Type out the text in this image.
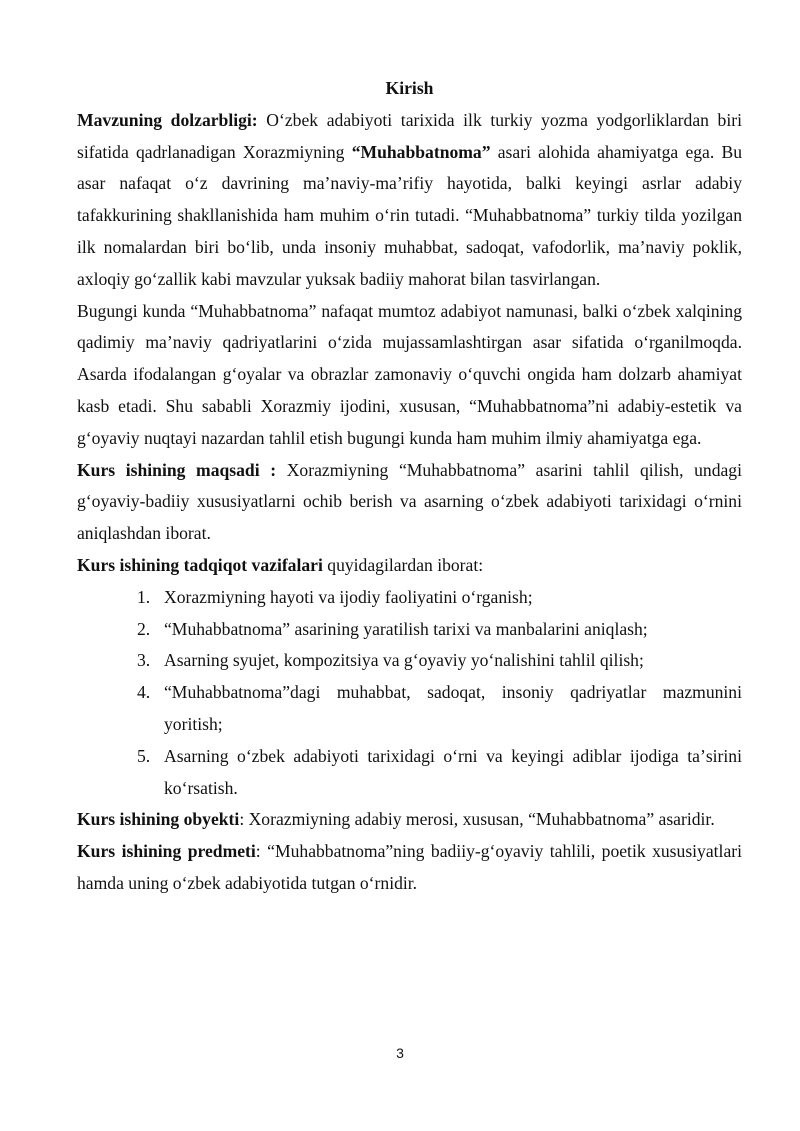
Kirish

Mavzuning dolzarbligi: Oʻzbek adabiyoti tarixida ilk turkiy yozma yodgorliklardan biri sifatida qadrlanadigan Xorazmiyning “Muhabbatnoma” asari alohida ahamiyatga ega. Bu asar nafaqat oʻz davrining maʼnaviy-maʼrifiy hayotida, balki keyingi asrlar adabiy tafakkurining shakllanishida ham muhim oʻrin tutadi. “Muhabbatnoma” turkiy tilda yozilgan ilk nomalardan biri boʻlib, unda insoniy muhabbat, sadoqat, vafodorlik, maʼnaviy poklik, axloqiy goʻzallik kabi mavzular yuksak badiiy mahorat bilan tasvirlangan.

Bugungi kunda “Muhabbatnoma” nafaqat mumtoz adabiyot namunasi, balki oʻzbek xalqining qadimiy maʼnaviy qadriyatlarini oʻzida mujassamlashtirgan asar sifatida oʻrganilmoqda. Asarda ifodalangan gʻoyalar va obrazlar zamonaviy oʻquvchi ongida ham dolzarb ahamiyat kasb etadi. Shu sababli Xorazmiy ijodini, xususan, “Muhabbatnoma”ni adabiy-estetik va gʻoyaviy nuqtayi nazardan tahlil etish bugungi kunda ham muhim ilmiy ahamiyatga ega.

Kurs ishining maqsadi : Xorazmiyning “Muhabbatnoma” asarini tahlil qilish, undagi gʻoyaviy-badiiy xususiyatlarni ochib berish va asarning oʻzbek adabiyoti tarixidagi oʻrnini aniqlashdan iborat.

Kurs ishining tadqiqot vazifalari quyidagilardan iborat:

1. Xorazmiyning hayoti va ijodiy faoliyatini oʻrganish;
2. “Muhabbatnoma” asarining yaratilish tarixi va manbalarini aniqlash;
3. Asarning syujet, kompozitsiya va gʻoyaviy yoʻnalishini tahlil qilish;
4. “Muhabbatnoma”dagi muhabbat, sadoqat, insoniy qadriyatlar mazmunini yoritish;
5. Asarning oʻzbek adabiyoti tarixidagi oʻrni va keyingi adiblar ijodiga taʼsirini koʻrsatish.

Kurs ishining obyekti: Xorazmiyning adabiy merosi, xususan, “Muhabbatnoma” asaridir.

Kurs ishining predmeti: “Muhabbatnoma”ning badiiy-gʻoyaviy tahlili, poetik xususiyatlari hamda uning oʻzbek adabiyotida tutgan oʻrnidir.

3
